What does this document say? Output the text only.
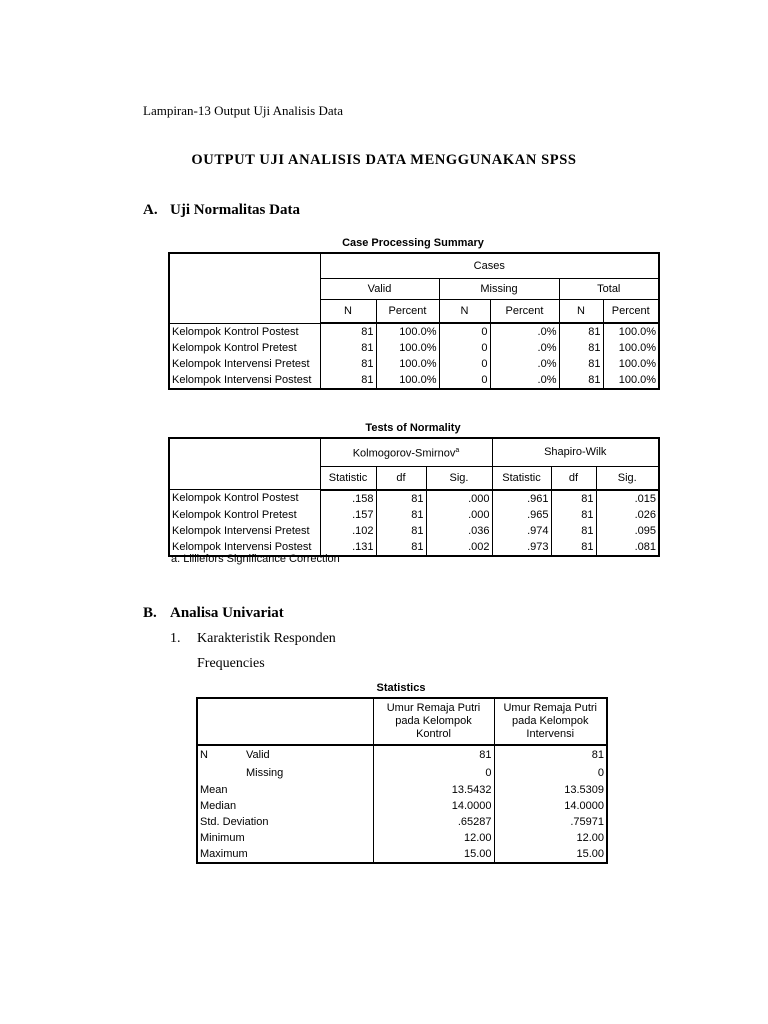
Lampiran-13 Output Uji Analisis Data
OUTPUT UJI ANALISIS DATA MENGGUNAKAN SPSS
A. Uji Normalitas Data
Case Processing Summary
	Cases					
	Valid		Missing		Total	
	N	Percent	N	Percent	N	Percent
Kelompok Kontrol Postest	81	100.0%	0	.0%	81	100.0%
Kelompok Kontrol Pretest	81	100.0%	0	.0%	81	100.0%
Kelompok Intervensi Pretest	81	100.0%	0	.0%	81	100.0%
Kelompok Intervensi Postest	81	100.0%	0	.0%	81	100.0%
Tests of Normality
	Kolmogorov-Smirnov$^a$			Shapiro-Wilk		
	Statistic	df	Sig.	Statistic	df	Sig.
Kelompok Kontrol Postest	.158	81	.000	.961	81	.015
Kelompok Kontrol Pretest	.157	81	.000	.965	81	.026
Kelompok Intervensi Pretest	.102	81	.036	.974	81	.095
Kelompok Intervensi Postest	.131	81	.002	.973	81	.081
a. Lilliefors Significance Correction
B. Analisa Univariat
1. Karakteristik Responden
Frequencies
Statistics
		Umur Remaja Putri pada Kelompok Kontrol	Umur Remaja Putri pada Kelompok Intervensi
N	Valid	81	81
	Missing	0	0
Mean		13.5432	13.5309
Median		14.0000	14.0000
Std. Deviation		.65287	.75971
Minimum		12.00	12.00
Maximum		15.00	15.00
